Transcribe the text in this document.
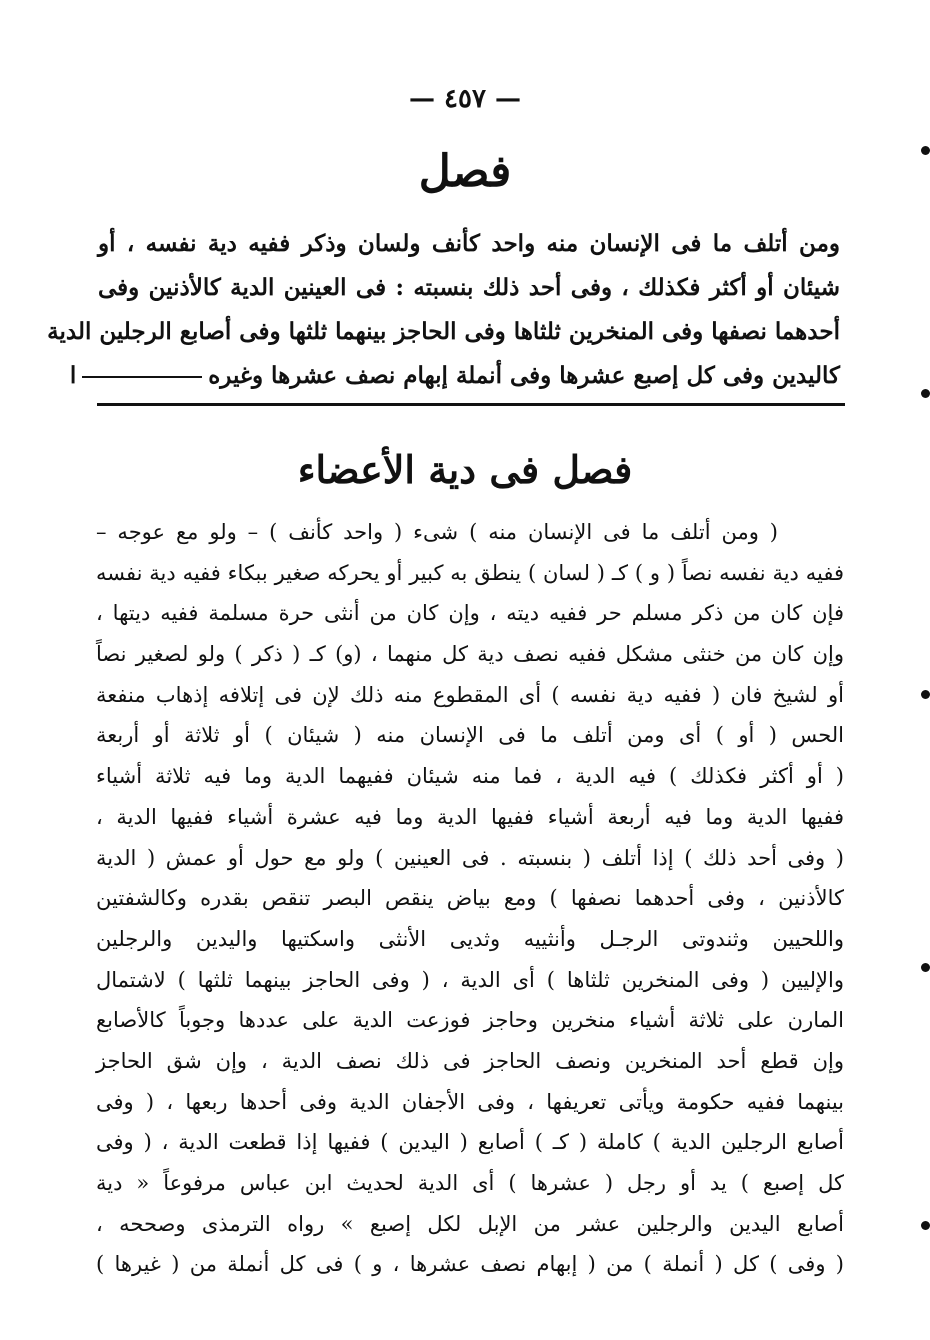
— ٤٥٧ —
فصل
ومن أتلف ما فى الإنسان منه واحد كأنف ولسان وذكر ففيه دية نفسه ، أو
شيئان أو أكثر فكذلك ، وفى أحد ذلك بنسبته : فى العينين الدية كالأذنين وفى
أحدهما نصفها وفى المنخرين ثلثاها وفى الحاجز بينهما ثلثها وفى أصابع الرجلين الدية
كاليدين وفى كل إصبع عشرها وفى أنملة إبهام نصف عشرها وغيرها
فصل فى دية الأعضاء
( ومن أتلف ما فى الإنسان منه ) شىء ( واحد كأنف ) – ولو مع عوجه –
ففيه دية نفسه نصاً ( و ) كـ ( لسان ) ينطق به كبير أو يحركه صغير ببكاء ففيه دية نفسه
فإن كان من ذكر مسلم حر ففيه ديته ، وإن كان من أنثى حرة مسلمة ففيه ديتها ،
وإن كان من خنثى مشكل ففيه نصف دية كل منهما ، (و) كـ ( ذكر ) ولو لصغير نصاً
أو لشيخ فان ( ففيه دية نفسه ) أى المقطوع منه ذلك لإن فى إتلافه إذهاب منفعة
الحس ( أو ) أى ومن أتلف ما فى الإنسان منه ( شيئان ) أو ثلاثة أو أربعة
( أو أكثر فكذلك ) فيه الدية ، فما منه شيئان ففيهما الدية وما فيه ثلاثة أشياء
ففيها الدية وما فيه أربعة أشياء ففيها الدية وما فيه عشرة أشياء ففيها الدية ،
( وفى أحد ذلك ) إذا أتلف ( بنسبته . فى العينين ) ولو مع حول أو عمش ( الدية
كالأذنين ، وفى أحدهما نصفها ) ومع بياض ينقص البصر تنقص بقدره وكالشفتين
واللحيين وثندوتى الرجـل وأنثييه وثديى الأنثى واسكتيها واليدين والرجلين
والإليين ( وفى المنخرين ثلثاها ) أى الدية ، ( وفى الحاجز بينهما ثلثها ) لاشتمال
المارن على ثلاثة أشياء منخرين وحاجز فوزعت الدية على عددها وجوباً كالأصابع
وإن قطع أحد المنخرين ونصف الحاجز فى ذلك نصف الدية ، وإن شق الحاجز
بينهما ففيه حكومة ويأتى تعريفها ، وفى الأجفان الدية وفى أحدها ربعها ، ( وفى
أصابع الرجلين الدية ) كاملة ( كـ ) أصابع ( اليدين ) ففيها إذا قطعت الدية ، ( وفى
كل إصبع ) يد أو رجل ( عشرها ) أى الدية لحديث ابن عباس مرفوعاً « دية
أصابع اليدين والرجلين عشر من الإبل لكل إصبع » رواه الترمذى وصححه ،
( وفى ) كل ( أنملة ) من ( إبهام نصف عشرها ، و ) فى كل أنملة من ( غيرها )
